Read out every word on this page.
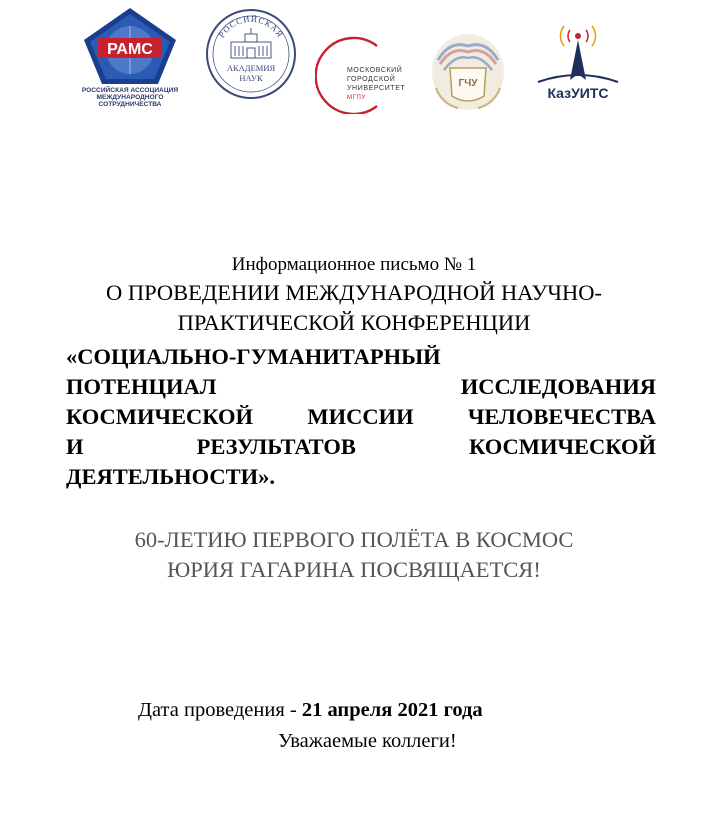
РАМС
РОССИЙСКАЯ АССОЦИАЦИЯ
МЕЖДУНАРОДНОГО
СОТРУДНИЧЕСТВА
РОССИЙСКАЯ
АКАДЕМИЯ
НАУК
МОСКОВСКИЙ
ГОРОДСКОЙ
УНИВЕРСИТЕТ
МГПУ
ГЧУ
КазУИТС
Информационное письмо № 1
О ПРОВЕДЕНИИ МЕЖДУНАРОДНОЙ НАУЧНО-
ПРАКТИЧЕСКОЙ КОНФЕРЕНЦИИ
«СОЦИАЛЬНО-ГУМАНИТАРНЫЙ
ПОТЕНЦИАЛ	ИССЛЕДОВАНИЯ
КОСМИЧЕСКОЙ МИССИИ ЧЕЛОВЕЧЕСТВА
И	РЕЗУЛЬТАТОВ	КОСМИЧЕСКОЙ
ДЕЯТЕЛЬНОСТИ».
60-ЛЕТИЮ ПЕРВОГО ПОЛЁТА В КОСМОС
ЮРИЯ ГАГАРИНА ПОСВЯЩАЕТСЯ!
Дата проведения - 21 апреля 2021 года
Уважаемые коллеги!
